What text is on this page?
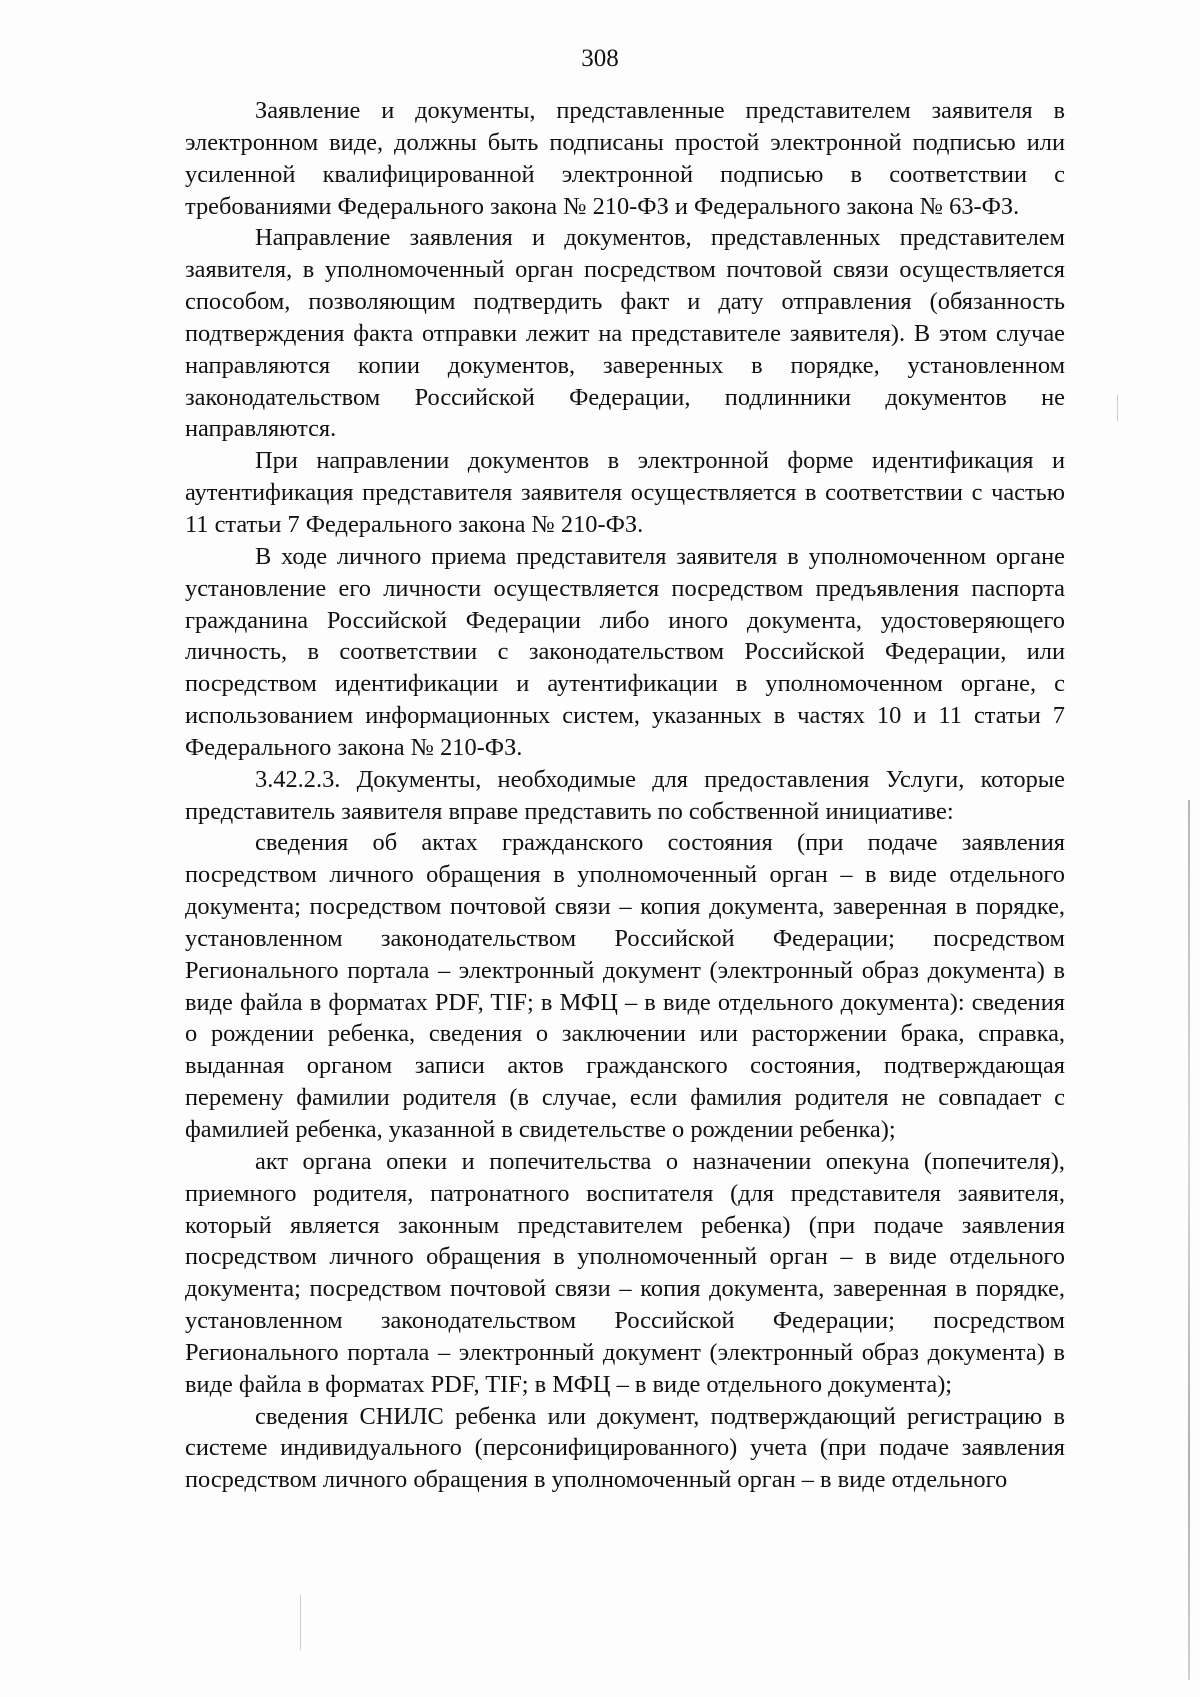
308

Заявление и документы, представленные представителем заявителя в электронном виде, должны быть подписаны простой электронной подписью или усиленной квалифицированной электронной подписью в соответствии с требованиями Федерального закона № 210-ФЗ и Федерального закона № 63-ФЗ.

Направление заявления и документов, представленных представителем заявителя, в уполномоченный орган посредством почтовой связи осуществляется способом, позволяющим подтвердить факт и дату отправления (обязанность подтверждения факта отправки лежит на представителе заявителя). В этом случае направляются копии документов, заверенных в порядке, установленном законодательством Российской Федерации, подлинники документов не направляются.

При направлении документов в электронной форме идентификация и аутентификация представителя заявителя осуществляется в соответствии с частью 11 статьи 7 Федерального закона № 210-ФЗ.

В ходе личного приема представителя заявителя в уполномоченном органе установление его личности осуществляется посредством предъявления паспорта гражданина Российской Федерации либо иного документа, удостоверяющего личность, в соответствии с законодательством Российской Федерации, или посредством идентификации и аутентификации в уполномоченном органе, с использованием информационных систем, указанных в частях 10 и 11 статьи 7 Федерального закона № 210-ФЗ.

3.42.2.3. Документы, необходимые для предоставления Услуги, которые представитель заявителя вправе представить по собственной инициативе:

сведения об актах гражданского состояния (при подаче заявления посредством личного обращения в уполномоченный орган – в виде отдельного документа; посредством почтовой связи – копия документа, заверенная в порядке, установленном законодательством Российской Федерации; посредством Регионального портала – электронный документ (электронный образ документа) в виде файла в форматах PDF, TIF; в МФЦ – в виде отдельного документа): сведения о рождении ребенка, сведения о заключении или расторжении брака, справка, выданная органом записи актов гражданского состояния, подтверждающая перемену фамилии родителя (в случае, если фамилия родителя не совпадает с фамилией ребенка, указанной в свидетельстве о рождении ребенка);

акт органа опеки и попечительства о назначении опекуна (попечителя), приемного родителя, патронатного воспитателя (для представителя заявителя, который является законным представителем ребенка) (при подаче заявления посредством личного обращения в уполномоченный орган – в виде отдельного документа; посредством почтовой связи – копия документа, заверенная в порядке, установленном законодательством Российской Федерации; посредством Регионального портала – электронный документ (электронный образ документа) в виде файла в форматах PDF, TIF; в МФЦ – в виде отдельного документа);

сведения СНИЛС ребенка или документ, подтверждающий регистрацию в системе индивидуального (персонифицированного) учета (при подаче заявления посредством личного обращения в уполномоченный орган – в виде отдельного
